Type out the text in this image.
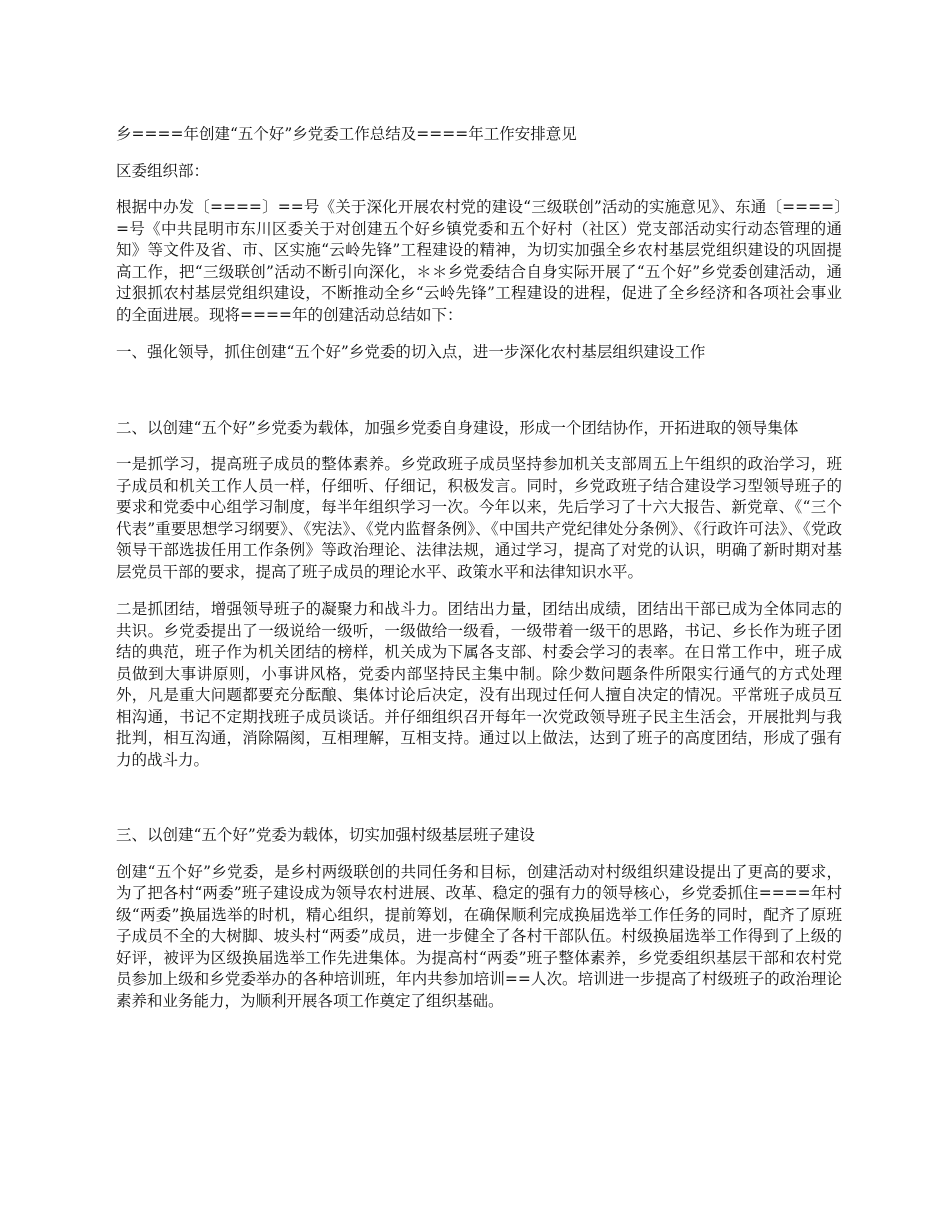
乡====年创建“五个好”乡党委工作总结及====年工作安排意见

区委组织部：

根据中办发〔====〕==号《关于深化开展农村党的建设“三级联创”活动的实施意见》、东通〔====〕=号《中共昆明市东川区委关于对创建五个好乡镇党委和五个好村（社区）党支部活动实行动态管理的通知》等文件及省、市、区实施“云岭先锋”工程建设的精神，为切实加强全乡农村基层党组织建设的巩固提高工作，把“三级联创”活动不断引向深化，＊＊乡党委结合自身实际开展了“五个好”乡党委创建活动，通过狠抓农村基层党组织建设，不断推动全乡“云岭先锋”工程建设的进程，促进了全乡经济和各项社会事业的全面进展。现将====年的创建活动总结如下：

一、强化领导，抓住创建“五个好”乡党委的切入点，进一步深化农村基层组织建设工作

二、以创建“五个好”乡党委为载体，加强乡党委自身建设，形成一个团结协作，开拓进取的领导集体

一是抓学习，提高班子成员的整体素养。乡党政班子成员坚持参加机关支部周五上午组织的政治学习，班子成员和机关工作人员一样，仔细听、仔细记，积极发言。同时，乡党政班子结合建设学习型领导班子的要求和党委中心组学习制度，每半年组织学习一次。今年以来，先后学习了十六大报告、新党章、《“三个代表”重要思想学习纲要》、《宪法》、《党内监督条例》、《中国共产党纪律处分条例》、《行政许可法》、《党政领导干部选拔任用工作条例》等政治理论、法律法规，通过学习，提高了对党的认识，明确了新时期对基层党员干部的要求，提高了班子成员的理论水平、政策水平和法律知识水平。

二是抓团结，增强领导班子的凝聚力和战斗力。团结出力量，团结出成绩，团结出干部已成为全体同志的共识。乡党委提出了一级说给一级听，一级做给一级看，一级带着一级干的思路，书记、乡长作为班子团结的典范，班子作为机关团结的榜样，机关成为下属各支部、村委会学习的表率。在日常工作中，班子成员做到大事讲原则，小事讲风格，党委内部坚持民主集中制。除少数问题条件所限实行通气的方式处理外，凡是重大问题都要充分酝酿、集体讨论后决定，没有出现过任何人擅自决定的情况。平常班子成员互相沟通，书记不定期找班子成员谈话。并仔细组织召开每年一次党政领导班子民主生活会，开展批判与我批判，相互沟通，消除隔阂，互相理解，互相支持。通过以上做法，达到了班子的高度团结，形成了强有力的战斗力。

三、以创建“五个好”党委为载体，切实加强村级基层班子建设

创建“五个好”乡党委，是乡村两级联创的共同任务和目标，创建活动对村级组织建设提出了更高的要求，为了把各村“两委”班子建设成为领导农村进展、改革、稳定的强有力的领导核心，乡党委抓住====年村级“两委”换届选举的时机，精心组织，提前筹划，在确保顺利完成换届选举工作任务的同时，配齐了原班子成员不全的大树脚、坡头村“两委”成员，进一步健全了各村干部队伍。村级换届选举工作得到了上级的好评，被评为区级换届选举工作先进集体。为提高村“两委”班子整体素养，乡党委组织基层干部和农村党员参加上级和乡党委举办的各种培训班，年内共参加培训==人次。培训进一步提高了村级班子的政治理论素养和业务能力，为顺利开展各项工作奠定了组织基础。
